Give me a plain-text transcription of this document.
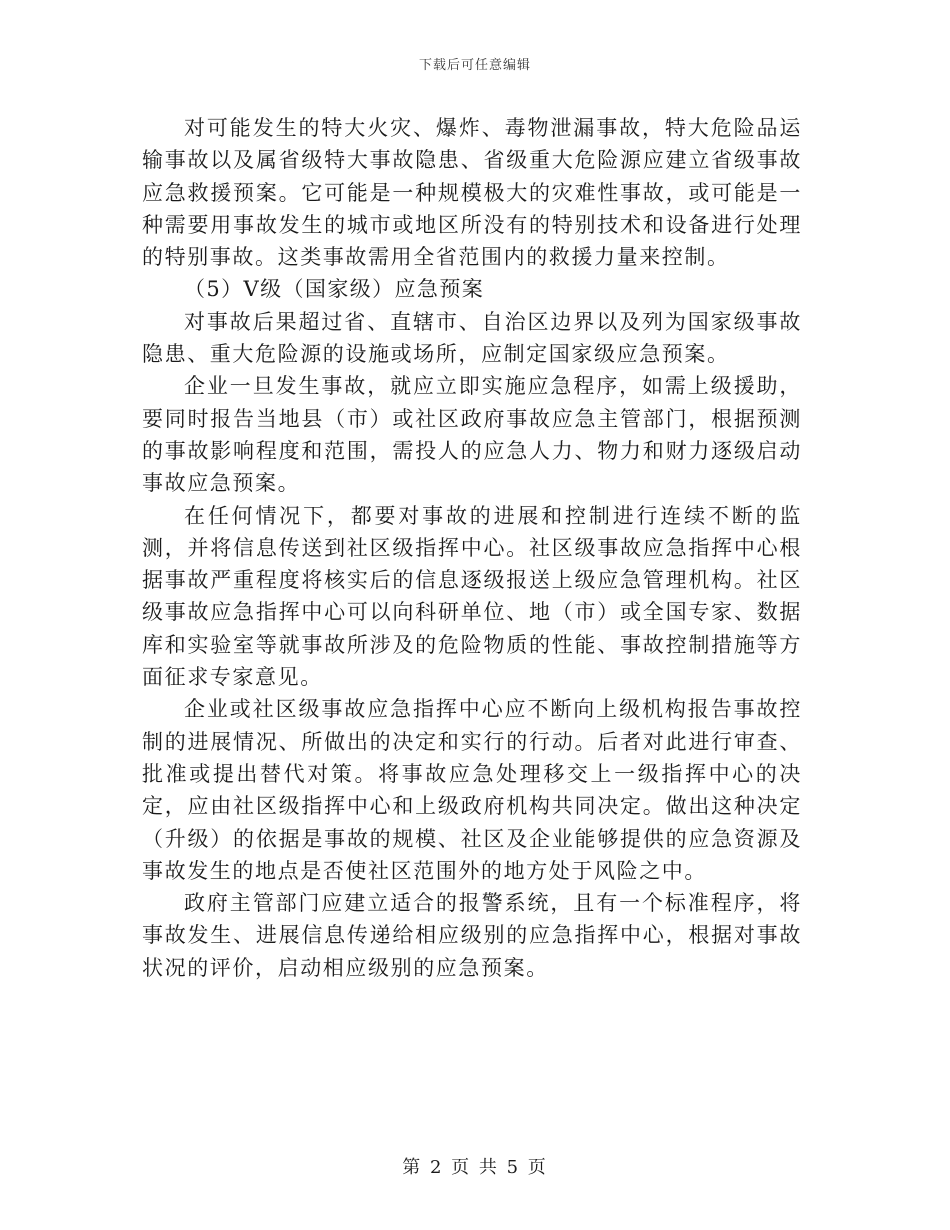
下载后可任意编辑

对可能发生的特大火灾、爆炸、毒物泄漏事故，特大危险品运输事故以及属省级特大事故隐患、省级重大危险源应建立省级事故应急救援预案。它可能是一种规模极大的灾难性事故，或可能是一种需要用事故发生的城市或地区所没有的特别技术和设备进行处理的特别事故。这类事故需用全省范围内的救援力量来控制。

（5）Ⅴ级（国家级）应急预案

对事故后果超过省、直辖市、自治区边界以及列为国家级事故隐患、重大危险源的设施或场所，应制定国家级应急预案。

企业一旦发生事故，就应立即实施应急程序，如需上级援助，要同时报告当地县（市）或社区政府事故应急主管部门，根据预测的事故影响程度和范围，需投人的应急人力、物力和财力逐级启动事故应急预案。

在任何情况下，都要对事故的进展和控制进行连续不断的监测，并将信息传送到社区级指挥中心。社区级事故应急指挥中心根据事故严重程度将核实后的信息逐级报送上级应急管理机构。社区级事故应急指挥中心可以向科研单位、地（市）或全国专家、数据库和实验室等就事故所涉及的危险物质的性能、事故控制措施等方面征求专家意见。

企业或社区级事故应急指挥中心应不断向上级机构报告事故控制的进展情况、所做出的决定和实行的行动。后者对此进行审查、批准或提出替代对策。将事故应急处理移交上一级指挥中心的决定，应由社区级指挥中心和上级政府机构共同决定。做出这种决定（升级）的依据是事故的规模、社区及企业能够提供的应急资源及事故发生的地点是否使社区范围外的地方处于风险之中。

政府主管部门应建立适合的报警系统，且有一个标准程序，将事故发生、进展信息传递给相应级别的应急指挥中心，根据对事故状况的评价，启动相应级别的应急预案。

第 2 页 共 5 页
